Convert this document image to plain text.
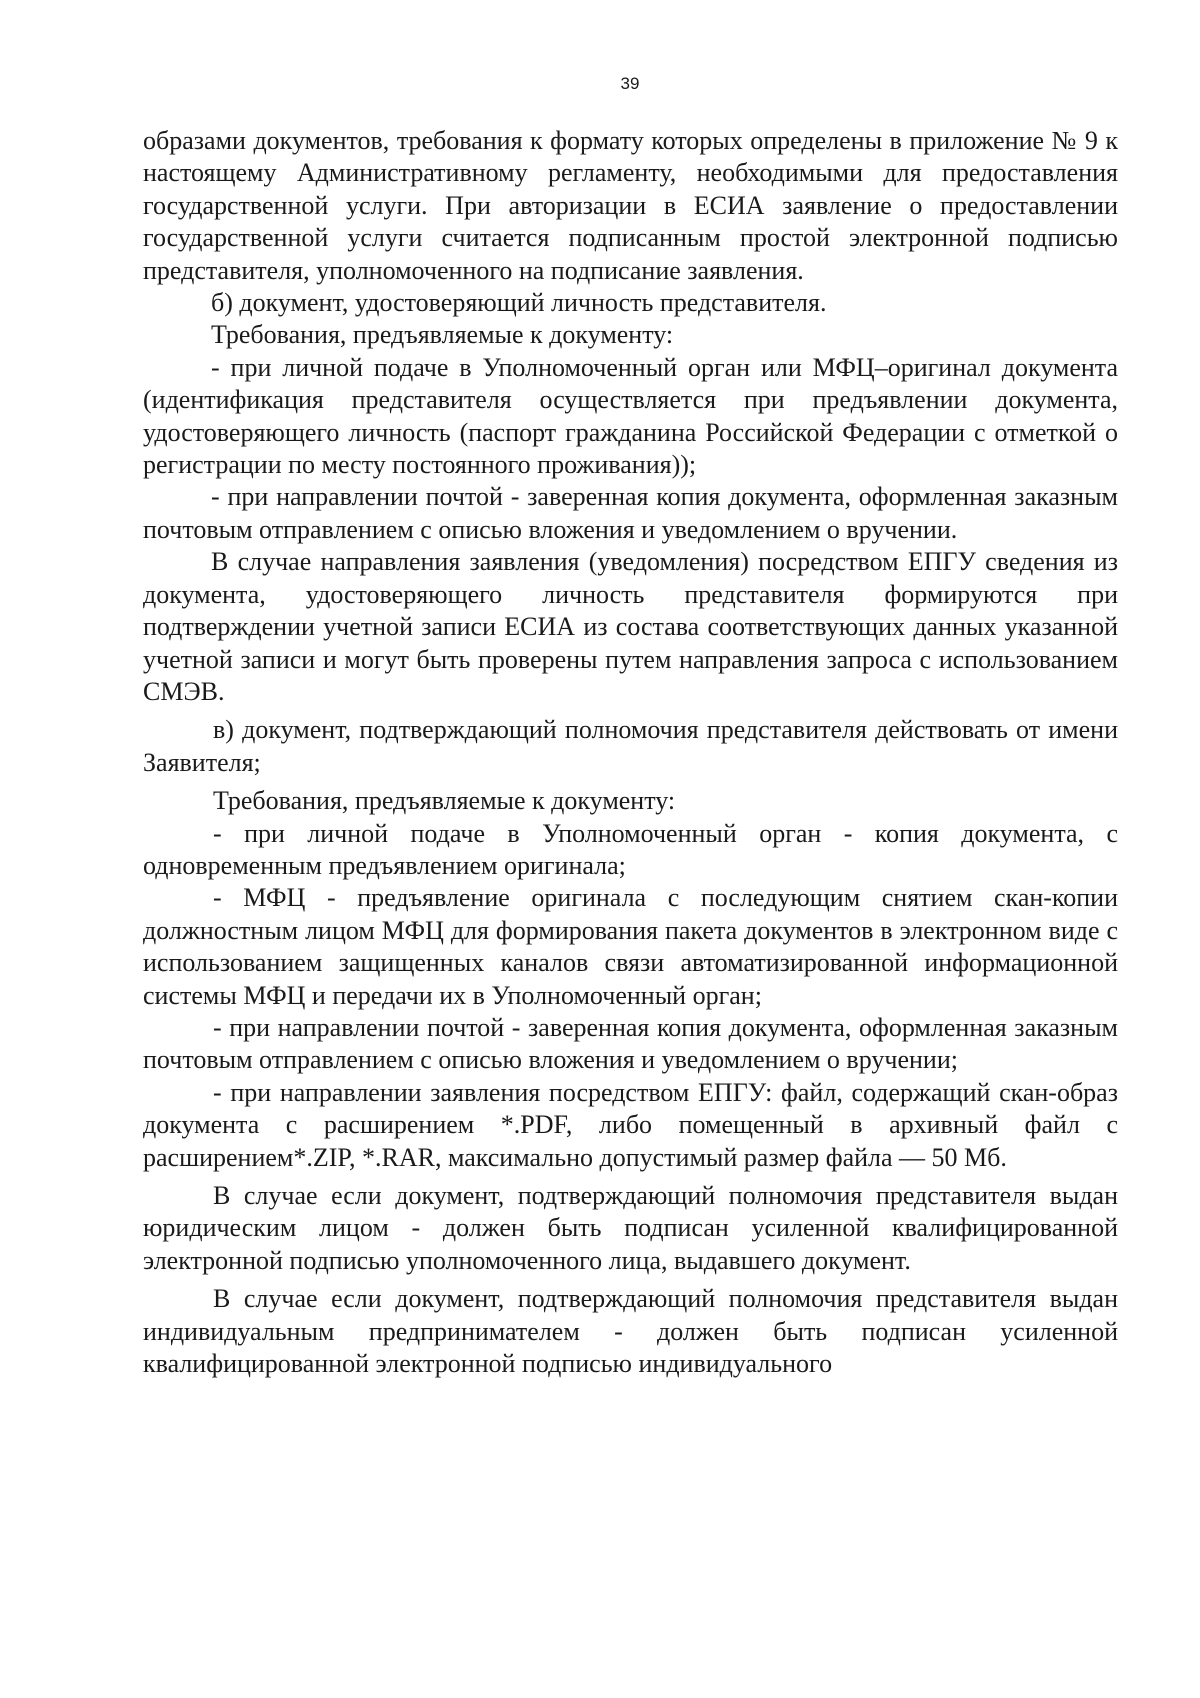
39

образами документов, требования к формату которых определены в приложение № 9 к настоящему Административному регламенту, необходимыми для предоставления государственной услуги. При авторизации в ЕСИА заявление о предоставлении государственной услуги считается подписанным простой электронной подписью представителя, уполномоченного на подписание заявления.

б) документ, удостоверяющий личность представителя.

Требования, предъявляемые к документу:

- при личной подаче в Уполномоченный орган или МФЦ–оригинал документа (идентификация представителя осуществляется при предъявлении документа, удостоверяющего личность (паспорт гражданина Российской Федерации с отметкой о регистрации по месту постоянного проживания));

- при направлении почтой - заверенная копия документа, оформленная заказным почтовым отправлением с описью вложения и уведомлением о вручении.

В случае направления заявления (уведомления) посредством ЕПГУ сведения из документа, удостоверяющего личность представителя формируются при подтверждении учетной записи ЕСИА из состава соответствующих данных указанной учетной записи и могут быть проверены путем направления запроса с использованием СМЭВ.

в) документ, подтверждающий полномочия представителя действовать от имени Заявителя;

Требования, предъявляемые к документу:

- при личной подаче в Уполномоченный орган - копия документа, с одновременным предъявлением оригинала;

- МФЦ - предъявление оригинала с последующим снятием скан-копии должностным лицом МФЦ для формирования пакета документов в электронном виде с использованием защищенных каналов связи автоматизированной информационной системы МФЦ и передачи их в Уполномоченный орган;

- при направлении почтой - заверенная копия документа, оформленная заказным почтовым отправлением с описью вложения и уведомлением о вручении;

- при направлении заявления посредством ЕПГУ: файл, содержащий скан-образ документа с расширением *.PDF, либо помещенный в архивный файл с расширением*.ZIP, *.RAR, максимально допустимый размер файла — 50 Мб.

В случае если документ, подтверждающий полномочия представителя выдан юридическим лицом - должен быть подписан усиленной квалифицированной электронной подписью уполномоченного лица, выдавшего документ.

В случае если документ, подтверждающий полномочия представителя выдан индивидуальным предпринимателем - должен быть подписан усиленной квалифицированной электронной подписью индивидуального
